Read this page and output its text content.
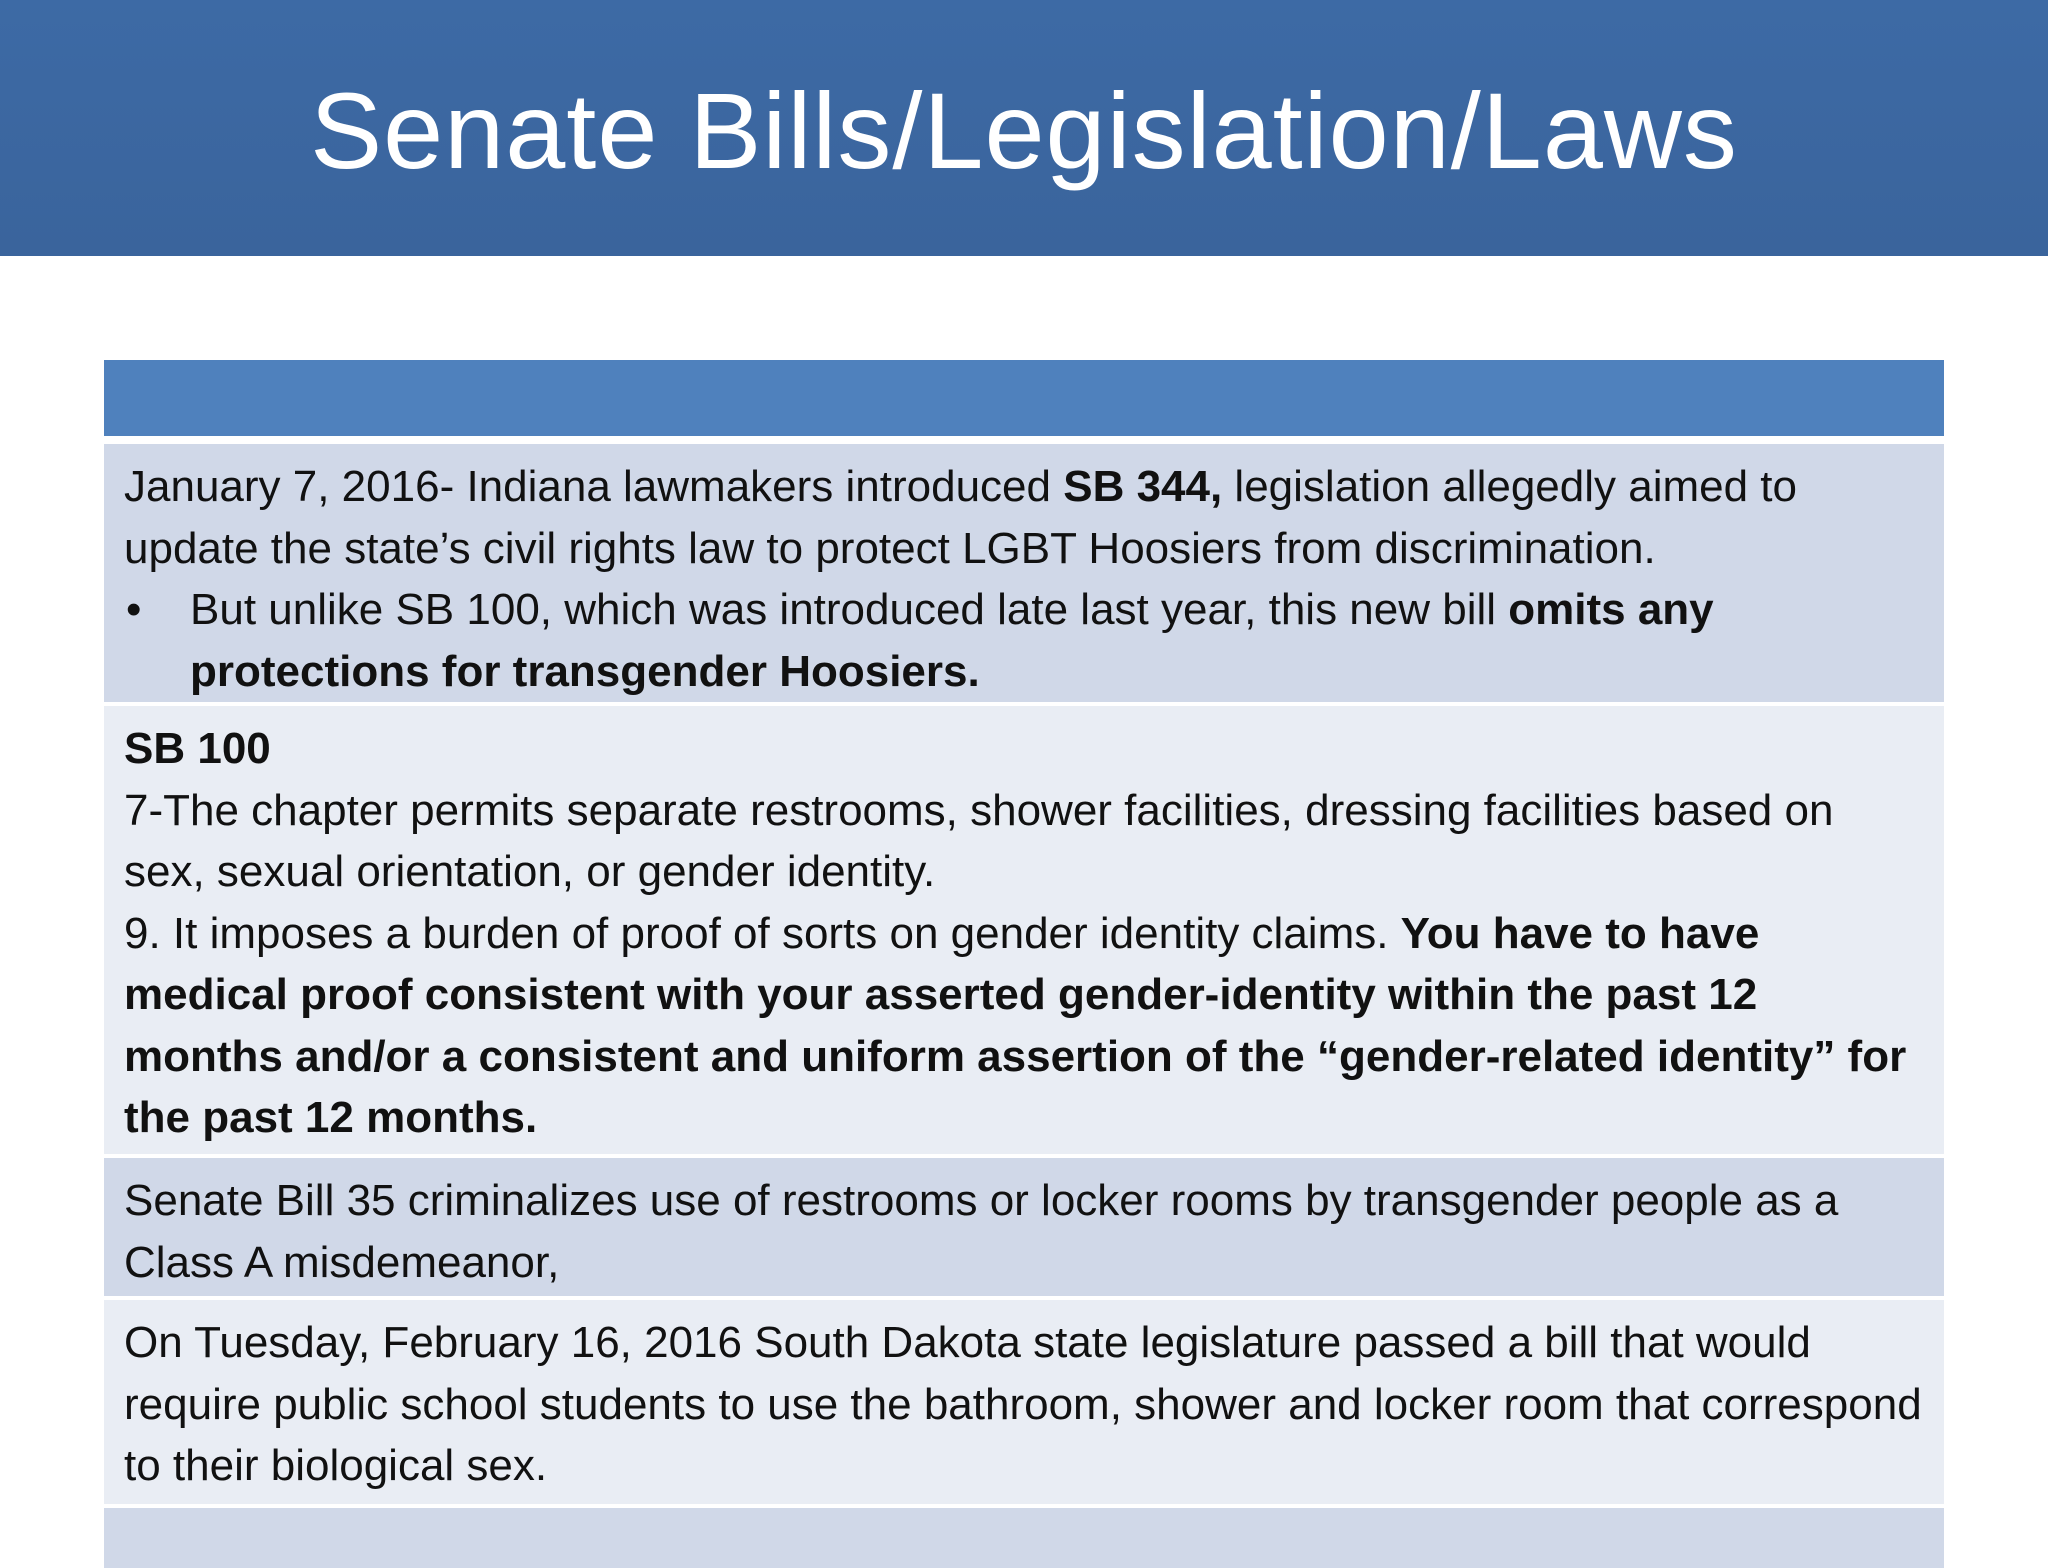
Senate Bills/Legislation/Laws
January 7, 2016- Indiana lawmakers introduced SB 344, legislation allegedly aimed to update the state’s civil rights law to protect LGBT Hoosiers from discrimination.
•	But unlike SB 100, which was introduced late last year, this new bill omits any protections for transgender Hoosiers.
SB 100
7-The chapter permits separate restrooms, shower facilities, dressing facilities based on sex, sexual orientation, or gender identity.
9. It imposes a burden of proof of sorts on gender identity claims. You have to have medical proof consistent with your asserted gender-identity within the past 12 months and/or a consistent and uniform assertion of the “gender-related identity” for the past 12 months.
Senate Bill 35 criminalizes use of restrooms or locker rooms by transgender people as a Class A misdemeanor,
On Tuesday, February 16, 2016 South Dakota state legislature passed a bill that would require public school students to use the bathroom, shower and locker room that correspond to their biological sex.
